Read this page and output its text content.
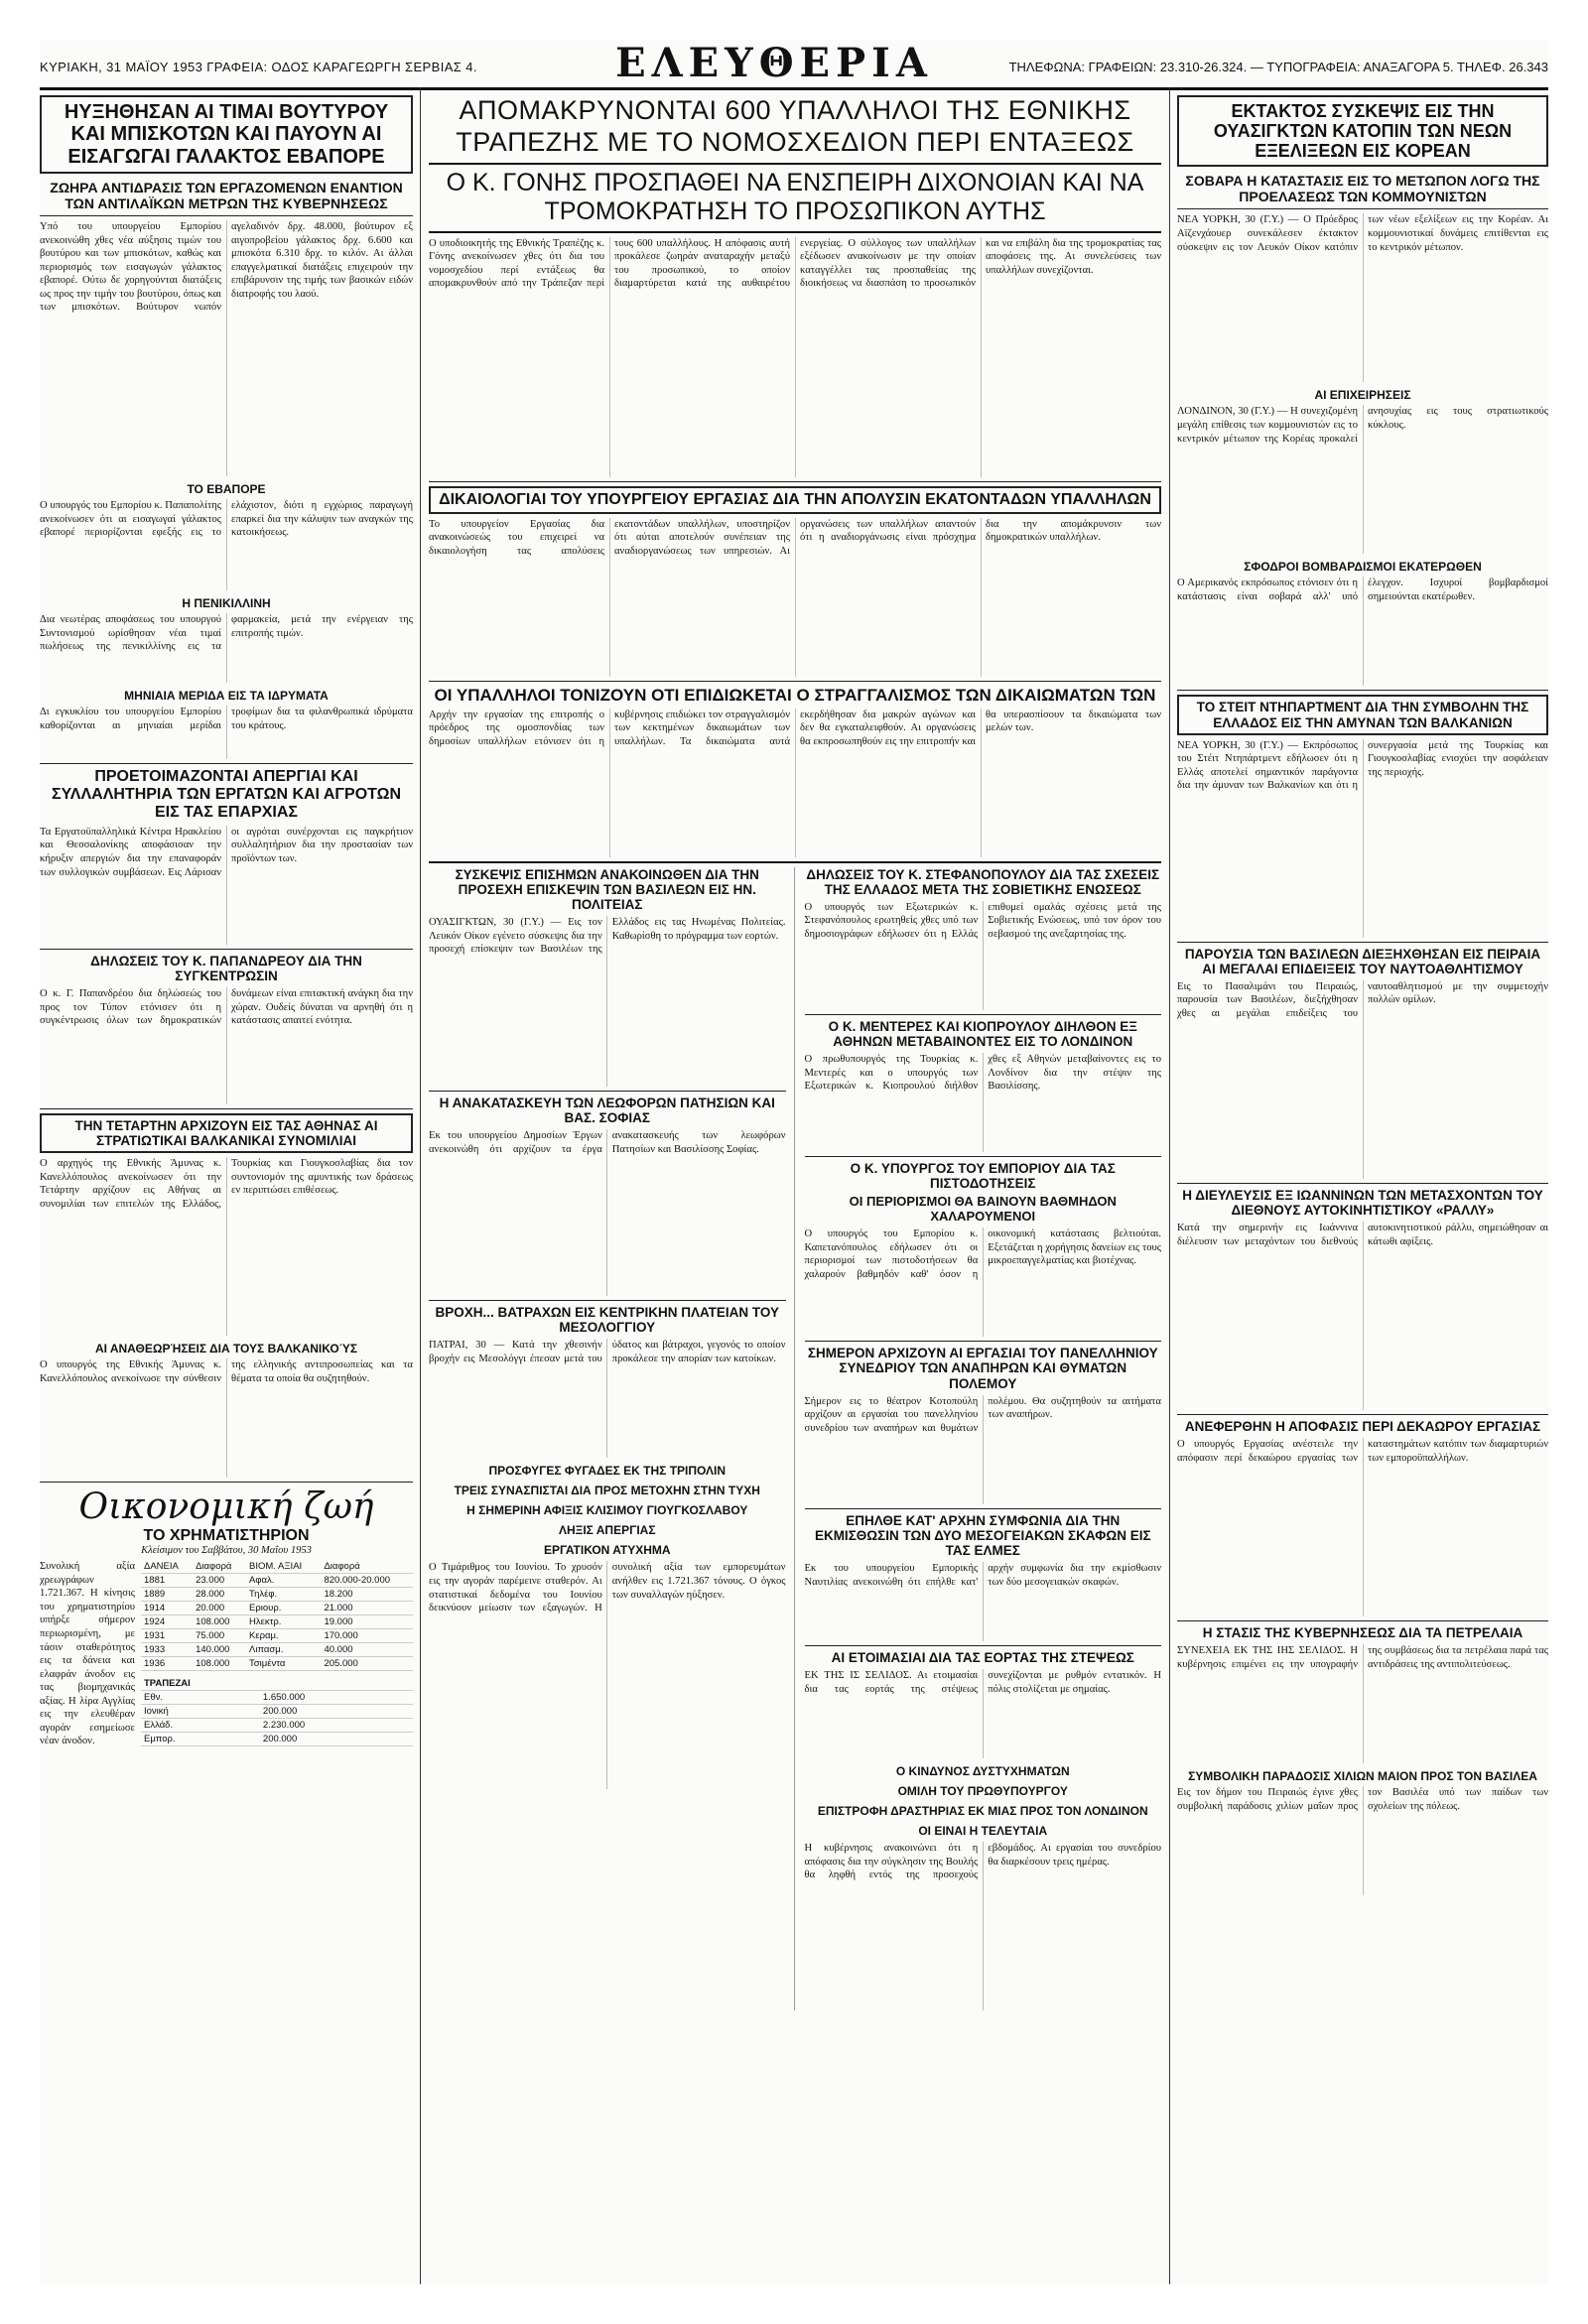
ΚΥΡΙΑΚΗ, 31 ΜΑΪΟΥ 1953 ΓΡΑΦΕΙΑ: ΟΔΟΣ ΚΑΡΑΓΕΩΡΓΗ ΣΕΡΒΙΑΣ 4.	ΕΛΕΥΘΕΡΙΑ	ΤΗΛΕΦΩΝΑ: ΓΡΑΦΕΙΩΝ: 23.310-26.324. — ΤΥΠΟΓΡΑΦΕΙΑ: ΑΝΑΞΑΓΟΡΑ 5. ΤΗΛΕΦ. 26.343
ΗΥΞΗΘΗΣΑΝ ΑΙ ΤΙΜΑΙ ΒΟΥΤΥΡΟΥ ΚΑΙ ΜΠΙΣΚΟΤΩΝ ΚΑΙ ΠΑΥΟΥΝ ΑΙ ΕΙΣΑΓΩΓΑΙ ΓΑΛΑΚΤΟΣ ΕΒΑΠΟΡΕ
ΖΩΗΡΑ ΑΝΤΙΔΡΑΣΙΣ ΤΩΝ ΕΡΓΑΖΟΜΕΝΩΝ ΕΝΑΝΤΙΟΝ ΤΩΝ ΑΝΤΙΛΑΪΚΩΝ ΜΕΤΡΩΝ ΤΗΣ ΚΥΒΕΡΝΗΣΕΩΣ
Υπό του υπουργείου Εμπορίου ανεκοινώθη χθες νέα αύξησις τιμών του βουτύρου και των μπισκότων, καθώς και περιορισμός των εισαγωγών γάλακτος εβαπορέ. Ούτω δε χορηγούνται διατάξεις ως προς την τιμήν του βουτύρου, όπως και των μπισκότων. Βούτυρον νωπόν αγελαδινόν δρχ. 48.000, βούτυρον εξ αιγοπροβείου γάλακτος δρχ. 6.600 και μπισκότα 6.310 δρχ. το κιλόν. Αι άλλαι επαγγελματικαί διατάξεις επιχειρούν την επιβάρυνσιν της τιμής των βασικών ειδών διατροφής του λαού.
ΤΟ ΕΒΑΠΟΡΕ
Ο υπουργός του Εμπορίου κ. Παπαπολίτης ανεκοίνωσεν ότι αι εισαγωγαί γάλακτος εβαπορέ περιορίζονται εφεξής εις το ελάχιστον, διότι η εγχώριος παραγωγή επαρκεί δια την κάλυψιν των αναγκών της κατοικήσεως.
Η ΠΕΝΙΚΙΛΛΙΝΗ
Δια νεωτέρας αποφάσεως του υπουργού Συντονισμού ωρίσθησαν νέαι τιμαί πωλήσεως της πενικιλλίνης εις τα φαρμακεία, μετά την ενέργειαν της επιτροπής τιμών.
ΜΗΝΙΑΙΑ ΜΕΡΙΔΑ ΕΙΣ ΤΑ ΙΔΡΥΜΑΤΑ
Δι εγκυκλίου του υπουργείου Εμπορίου καθορίζονται αι μηνιαίαι μερίδαι τροφίμων δια τα φιλανθρωπικά ιδρύματα του κράτους.
ΠΡΟΕΤΟΙΜΑΖΟΝΤΑΙ ΑΠΕΡΓΙΑΙ ΚΑΙ ΣΥΛΛΑΛΗΤΗΡΙΑ ΤΩΝ ΕΡΓΑΤΩΝ ΚΑΙ ΑΓΡΟΤΩΝ ΕΙΣ ΤΑΣ ΕΠΑΡΧΙΑΣ
Τα Εργατοϋπαλληλικά Κέντρα Ηρακλείου και Θεσσαλονίκης αποφάσισαν την κήρυξιν απεργιών δια την επαναφοράν των συλλογικών συμβάσεων. Εις Λάρισαν οι αγρόται συνέρχονται εις παγκρήτιον συλλαλητήριον δια την προστασίαν των προϊόντων των.
ΔΗΛΩΣΕΙΣ ΤΟΥ Κ. ΠΑΠΑΝΔΡΕΟΥ ΔΙΑ ΤΗΝ ΣΥΓΚΕΝΤΡΩΣΙΝ
Ο κ. Γ. Παπανδρέου δια δηλώσεώς του προς τον Τύπον ετόνισεν ότι η συγκέντρωσις όλων των δημοκρατικών δυνάμεων είναι επιτακτική ανάγκη δια την χώραν. Ουδείς δύναται να αρνηθή ότι η κατάστασις απαιτεί ενότητα.
ΤΗΝ ΤΕΤΑΡΤΗΝ ΑΡΧΙΖΟΥΝ ΕΙΣ ΤΑΣ ΑΘΗΝΑΣ ΑΙ ΣΤΡΑΤΙΩΤΙΚΑΙ ΒΑΛΚΑΝΙΚΑΙ ΣΥΝΟΜΙΛΙΑΙ
Ο αρχηγός της Εθνικής Άμυνας κ. Κανελλόπουλος ανεκοίνωσεν ότι την Τετάρτην αρχίζουν εις Αθήνας αι συνομιλίαι των επιτελών της Ελλάδος, Τουρκίας και Γιουγκοσλαβίας δια τον συντονισμόν της αμυντικής των δράσεως εν περιπτώσει επιθέσεως.
ΑΙ ΑΝΑΘΕΩΡΉΣΕΙΣ ΔΙΑ ΤΟΥΣ ΒΑΛΚΑΝΙΚΟΎΣ
Ο υπουργός της Εθνικής Άμυνας κ. Κανελλόπουλος ανεκοίνωσε την σύνθεσιν της ελληνικής αντιπροσωπείας και τα θέματα τα οποία θα συζητηθούν.
Οικονομική ζωή
ΤΟ ΧΡΗΜΑΤΙΣΤΗΡΙΟΝ
Κλείσιμον του Σαββάτου, 30 Μαΐου 1953
Συνολική αξία χρεωγράφων 1.721.367. Η κίνησις του χρηματιστηρίου υπήρξε σήμερον περιωρισμένη, με τάσιν σταθερότητος εις τα δάνεια και ελαφράν άνοδον εις τας βιομηχανικάς αξίας. Η λίρα Αγγλίας εις την ελευθέραν αγοράν εσημείωσε νέαν άνοδον.
ΔΑΝΕΙΑ	Διαφορά	ΒΙΟΜ. ΑΞΙΑΙ	Διαφορά
1881	23.000	Αφαλ.	820.000-20.000
1889	28.000	Τηλέφ.	18.200
1914	20.000	Εριουρ.	21.000
1924	108.000	Ηλεκτρ.	19.000
1931	75.000	Κεραμ.	170.000
1933	140.000	Λιπασμ.	40.000
1936	108.000	Τσιμέντα	205.000
ΤΡΑΠΕΖΑΙ	
Εθν.	1.650.000
Ιονική	200.000
Ελλάδ.	2.230.000
Εμπορ.	200.000
ΑΠΟΜΑΚΡΥΝΟΝΤΑΙ 600 ΥΠΑΛΛΗΛΟΙ ΤΗΣ ΕΘΝΙΚΗΣ ΤΡΑΠΕΖΗΣ ΜΕ ΤΟ ΝΟΜΟΣΧΕΔΙΟΝ ΠΕΡΙ ΕΝΤΑΞΕΩΣ
Ο Κ. ΓΟΝΗΣ ΠΡΟΣΠΑΘΕΙ ΝΑ ΕΝΣΠΕΙΡΗ ΔΙΧΟΝΟΙΑΝ ΚΑΙ ΝΑ ΤΡΟΜΟΚΡΑΤΗΣΗ ΤΟ ΠΡΟΣΩΠΙΚΟΝ ΑΥΤΗΣ
Ο υποδιοικητής της Εθνικής Τραπέζης κ. Γόνης ανεκοίνωσεν χθες ότι δια του νομοσχεδίου περί εντάξεως θα απομακρυνθούν από την Τράπεζαν περί τους 600 υπαλλήλους. Η απόφασις αυτή προκάλεσε ζωηράν αναταραχήν μεταξύ του προσωπικού, το οποίον διαμαρτύρεται κατά της αυθαιρέτου ενεργείας. Ο σύλλογος των υπαλλήλων εξέδωσεν ανακοίνωσιν με την οποίαν καταγγέλλει τας προσπαθείας της διοικήσεως να διασπάση το προσωπικόν και να επιβάλη δια της τρομοκρατίας τας αποφάσεις της. Αι συνελεύσεις των υπαλλήλων συνεχίζονται.
ΔΙΚΑΙΟΛΟΓΙΑΙ ΤΟΥ ΥΠΟΥΡΓΕΙΟΥ ΕΡΓΑΣΙΑΣ ΔΙΑ ΤΗΝ ΑΠΟΛΥΣΙΝ ΕΚΑΤΟΝΤΑΔΩΝ ΥΠΑΛΛΗΛΩΝ
Το υπουργείον Εργασίας δια ανακοινώσεώς του επιχειρεί να δικαιολογήση τας απολύσεις εκατοντάδων υπαλλήλων, υποστηρίζον ότι αύται αποτελούν συνέπειαν της αναδιοργανώσεως των υπηρεσιών. Αι οργανώσεις των υπαλλήλων απαντούν ότι η αναδιοργάνωσις είναι πρόσχημα δια την απομάκρυνσιν των δημοκρατικών υπαλλήλων.
ΟΙ ΥΠΑΛΛΗΛΟΙ ΤΟΝΙΖΟΥΝ ΟΤΙ ΕΠΙΔΙΩΚΕΤΑΙ Ο ΣΤΡΑΓΓΑΛΙΣΜΟΣ ΤΩΝ ΔΙΚΑΙΩΜΑΤΩΝ ΤΩΝ
Αρχήν την εργασίαν της επιτροπής ο πρόεδρος της ομοσπονδίας των δημοσίων υπαλλήλων ετόνισεν ότι η κυβέρνησις επιδιώκει τον στραγγαλισμόν των κεκτημένων δικαιωμάτων των υπαλλήλων. Τα δικαιώματα αυτά εκερδήθησαν δια μακρών αγώνων και δεν θα εγκαταλειφθούν. Αι οργανώσεις θα εκπροσωπηθούν εις την επιτροπήν και θα υπερασπίσουν τα δικαιώματα των μελών των.
ΣΥΣΚΕΨΙΣ ΕΠΙΣΗΜΩΝ ΑΝΑΚΟΙΝΩΘΕΝ ΔΙΑ ΤΗΝ ΠΡΟΣΕΧΗ ΕΠΙΣΚΕΨΙΝ ΤΩΝ ΒΑΣΙΛΕΩΝ ΕΙΣ ΗΝ. ΠΟΛΙΤΕΙΑΣ
ΟΥΑΣΙΓΚΤΩΝ, 30 (Γ.Υ.) — Εις τον Λευκόν Οίκον εγένετο σύσκεψις δια την προσεχή επίσκεψιν των Βασιλέων της Ελλάδος εις τας Ηνωμένας Πολιτείας. Καθωρίσθη το πρόγραμμα των εορτών.
Η ΑΝΑΚΑΤΑΣΚΕΥΗ ΤΩΝ ΛΕΩΦΟΡΩΝ ΠΑΤΗΣΙΩΝ ΚΑΙ ΒΑΣ. ΣΟΦΙΑΣ
Εκ του υπουργείου Δημοσίων Έργων ανεκοινώθη ότι αρχίζουν τα έργα ανακατασκευής των λεωφόρων Πατησίων και Βασιλίσσης Σοφίας.
ΒΡΟΧΗ... ΒΑΤΡΑΧΩΝ ΕΙΣ ΚΕΝΤΡΙΚΗΝ ΠΛΑΤΕΙΑΝ ΤΟΥ ΜΕΣΟΛΟΓΓΙΟΥ
ΠΑΤΡΑΙ, 30 — Κατά την χθεσινήν βροχήν εις Μεσολόγγι έπεσαν μετά του ύδατος και βάτραχοι, γεγονός το οποίον προκάλεσε την απορίαν των κατοίκων.
ΠΡΟΣΦΥΓΕΣ ΦΥΓΑΔΕΣ ΕΚ ΤΗΣ ΤΡΙΠΟΛΙΝ
ΤΡΕΙΣ ΣΥΝΑΣΠΙΣΤΑΙ ΔΙΑ ΠΡΟΣ ΜΕΤΟΧΗΝ ΣΤΗΝ ΤΥΧΗ
Η ΣΗΜΕΡΙΝΗ ΑΦΙΞΙΣ ΚΛΙΣΙΜΟΥ ΓΙΟΥΓΚΟΣΛΑΒΟΥ
ΛΗΞΙΣ ΑΠΕΡΓΙΑΣ
ΕΡΓΑΤΙΚΟΝ ΑΤΥΧΗΜΑ
Ο Τιμάριθμος του Ιουνίου. Το χρυσόν εις την αγοράν παρέμεινε σταθερόν. Αι στατιστικαί δεδομένα του Ιουνίου δεικνύουν μείωσιν των εξαγωγών. Η συνολική αξία των εμπορευμάτων ανήλθεν εις 1.721.367 τόνους. Ο όγκος των συναλλαγών ηύξησεν.
ΔΗΛΩΣΕΙΣ ΤΟΥ Κ. ΣΤΕΦΑΝΟΠΟΥΛΟΥ ΔΙΑ ΤΑΣ ΣΧΕΣΕΙΣ ΤΗΣ ΕΛΛΑΔΟΣ ΜΕΤΑ ΤΗΣ ΣΟΒΙΕΤΙΚΗΣ ΕΝΩΣΕΩΣ
Ο υπουργός των Εξωτερικών κ. Στεφανόπουλος ερωτηθείς χθες υπό των δημοσιογράφων εδήλωσεν ότι η Ελλάς επιθυμεί ομαλάς σχέσεις μετά της Σοβιετικής Ενώσεως, υπό τον όρον του σεβασμού της ανεξαρτησίας της.
Ο Κ. ΜΕΝΤΕΡΕΣ ΚΑΙ ΚΙΟΠΡΟΥΛΟΥ ΔΙΗΛΘΟΝ ΕΞ ΑΘΗΝΩΝ ΜΕΤΑΒΑΙΝΟΝΤΕΣ ΕΙΣ ΤΟ ΛΟΝΔΙΝΟΝ
Ο πρωθυπουργός της Τουρκίας κ. Μεντερές και ο υπουργός των Εξωτερικών κ. Κιοπρουλού διήλθον χθες εξ Αθηνών μεταβαίνοντες εις το Λονδίνον δια την στέψιν της Βασιλίσσης.
Ο Κ. ΥΠΟΥΡΓΟΣ ΤΟΥ ΕΜΠΟΡΙΟΥ ΔΙΑ ΤΑΣ ΠΙΣΤΟΔΟΤΗΣΕΙΣ
ΟΙ ΠΕΡΙΟΡΙΣΜΟΙ ΘΑ ΒΑΙΝΟΥΝ ΒΑΘΜΗΔΟΝ ΧΑΛΑΡΟΥΜΕΝΟΙ
Ο υπουργός του Εμπορίου κ. Καπετανόπουλος εδήλωσεν ότι οι περιορισμοί των πιστοδοτήσεων θα χαλαρούν βαθμηδόν καθ' όσον η οικονομική κατάστασις βελτιούται. Εξετάζεται η χορήγησις δανείων εις τους μικροεπαγγελματίας και βιοτέχνας.
ΣΗΜΕΡΟΝ ΑΡΧΙΖΟΥΝ ΑΙ ΕΡΓΑΣΙΑΙ ΤΟΥ ΠΑΝΕΛΛΗΝΙΟΥ ΣΥΝΕΔΡΙΟΥ ΤΩΝ ΑΝΑΠΗΡΩΝ ΚΑΙ ΘΥΜΑΤΩΝ ΠΟΛΕΜΟΥ
Σήμερον εις το θέατρον Κοτοπούλη αρχίζουν αι εργασίαι του πανελληνίου συνεδρίου των αναπήρων και θυμάτων πολέμου. Θα συζητηθούν τα αιτήματα των αναπήρων.
ΕΠΗΛΘΕ ΚΑΤ' ΑΡΧΗΝ ΣΥΜΦΩΝΙΑ ΔΙΑ ΤΗΝ ΕΚΜΙΣΘΩΣΙΝ ΤΩΝ ΔΥΟ ΜΕΣΟΓΕΙΑΚΩΝ ΣΚΑΦΩΝ ΕΙΣ ΤΑΣ ΕΛΜΕΣ
Εκ του υπουργείου Εμπορικής Ναυτιλίας ανεκοινώθη ότι επήλθε κατ' αρχήν συμφωνία δια την εκμίσθωσιν των δύο μεσογειακών σκαφών.
ΑΙ ΕΤΟΙΜΑΣΙΑΙ ΔΙΑ ΤΑΣ ΕΟΡΤΑΣ ΤΗΣ ΣΤΕΨΕΩΣ
ΕΚ ΤΗΣ ΙΣ ΣΕΛΙΔΟΣ. Αι ετοιμασίαι δια τας εορτάς της στέψεως συνεχίζονται με ρυθμόν εντατικόν. Η πόλις στολίζεται με σημαίας.
Ο ΚΙΝΔΥΝΟΣ ΔΥΣΤΥΧΗΜΑΤΩΝ
ΟΜΙΛΗ ΤΟΥ ΠΡΩΘΥΠΟΥΡΓΟΥ
ΕΠΙΣΤΡΟΦΗ ΔΡΑΣΤΗΡΙΑΣ ΕΚ ΜΙΑΣ ΠΡΟΣ ΤΟΝ ΛΟΝΔΙΝΟΝ
ΟΙ ΕΙΝΑΙ Η ΤΕΛΕΥΤΑΙΑ
Η κυβέρνησις ανακοινώνει ότι η απόφασις δια την σύγκλησιν της Βουλής θα ληφθή εντός της προσεχούς εβδομάδος. Αι εργασίαι του συνεδρίου θα διαρκέσουν τρεις ημέρας.
ΕΚΤΑΚΤΟΣ ΣΥΣΚΕΨΙΣ ΕΙΣ ΤΗΝ ΟΥΑΣΙΓΚΤΩΝ ΚΑΤΟΠΙΝ ΤΩΝ ΝΕΩΝ ΕΞΕΛΙΞΕΩΝ ΕΙΣ ΚΟΡΕΑΝ
ΣΟΒΑΡΑ Η ΚΑΤΑΣΤΑΣΙΣ ΕΙΣ ΤΟ ΜΕΤΩΠΟΝ ΛΟΓΩ ΤΗΣ ΠΡΟΕΛΑΣΕΩΣ ΤΩΝ ΚΟΜΜΟΥΝΙΣΤΩΝ
ΝΕΑ ΥΟΡΚΗ, 30 (Γ.Υ.) — Ο Πρόεδρος Αϊζενχάουερ συνεκάλεσεν έκτακτον σύσκεψιν εις τον Λευκόν Οίκον κατόπιν των νέων εξελίξεων εις την Κορέαν. Αι κομμουνιστικαί δυνάμεις επιτίθενται εις το κεντρικόν μέτωπον.
ΑΙ ΕΠΙΧΕΙΡΗΣΕΙΣ
ΛΟΝΔΙΝΟΝ, 30 (Γ.Υ.) — Η συνεχιζομένη μεγάλη επίθεσις των κομμουνιστών εις το κεντρικόν μέτωπον της Κορέας προκαλεί ανησυχίας εις τους στρατιωτικούς κύκλους.
ΣΦΟΔΡΟΙ ΒΟΜΒΑΡΔΙΣΜΟΙ ΕΚΑΤΕΡΩΘΕΝ
Ο Αμερικανός εκπρόσωπος ετόνισεν ότι η κατάστασις είναι σοβαρά αλλ' υπό έλεγχον. Ισχυροί βομβαρδισμοί σημειούνται εκατέρωθεν.
ΤΟ ΣΤΕΙΤ ΝΤΗΠΑΡΤΜΕΝΤ ΔΙΑ ΤΗΝ ΣΥΜΒΟΛΗΝ ΤΗΣ ΕΛΛΑΔΟΣ ΕΙΣ ΤΗΝ ΑΜΥΝΑΝ ΤΩΝ ΒΑΛΚΑΝΙΩΝ
ΝΕΑ ΥΟΡΚΗ, 30 (Γ.Υ.) — Εκπρόσωπος του Στέιτ Ντηπάρτμεντ εδήλωσεν ότι η Ελλάς αποτελεί σημαντικόν παράγοντα δια την άμυναν των Βαλκανίων και ότι η συνεργασία μετά της Τουρκίας και Γιουγκοσλαβίας ενισχύει την ασφάλειαν της περιοχής.
ΠΑΡΟΥΣΙΑ ΤΩΝ ΒΑΣΙΛΕΩΝ ΔΙΕΞΗΧΘΗΣΑΝ ΕΙΣ ΠΕΙΡΑΙΑ ΑΙ ΜΕΓΑΛΑΙ ΕΠΙΔΕΙΞΕΙΣ ΤΟΥ ΝΑΥΤΟΑΘΛΗΤΙΣΜΟΥ
Εις το Πασαλιμάνι του Πειραιώς, παρουσία των Βασιλέων, διεξήχθησαν χθες αι μεγάλαι επιδείξεις του ναυτοαθλητισμού με την συμμετοχήν πολλών ομίλων.
Η ΔΙΕΥΛΕΥΣΙΣ ΕΞ ΙΩΑΝΝΙΝΩΝ ΤΩΝ ΜΕΤΑΣΧΟΝΤΩΝ ΤΟΥ ΔΙΕΘΝΟΥΣ ΑΥΤΟΚΙΝΗΤΙΣΤΙΚΟΥ «ΡΑΛΛΥ»
Κατά την σημερινήν εις Ιωάννινα διέλευσιν των μεταχόντων του διεθνούς αυτοκινητιστικού ράλλυ, σημειώθησαν αι κάτωθι αφίξεις.
ΑΝΕΦΕΡΘΗΝ Η ΑΠΟΦΑΣΙΣ ΠΕΡΙ ΔΕΚΑΩΡΟΥ ΕΡΓΑΣΙΑΣ
Ο υπουργός Εργασίας ανέστειλε την απόφασιν περί δεκαώρου εργασίας των καταστημάτων κατόπιν των διαμαρτυριών των εμποροϋπαλλήλων.
Η ΣΤΑΣΙΣ ΤΗΣ ΚΥΒΕΡΝΗΣΕΩΣ ΔΙΑ ΤΑ ΠΕΤΡΕΛΑΙΑ
ΣΥΝΕΧΕΙΑ ΕΚ ΤΗΣ ΙΗΣ ΣΕΛΙΔΟΣ. Η κυβέρνησις επιμένει εις την υπογραφήν της συμβάσεως δια τα πετρέλαια παρά τας αντιδράσεις της αντιπολιτεύσεως.
ΣΥΜΒΟΛΙΚΗ ΠΑΡΑΔΟΣΙΣ ΧΙΛΙΩΝ ΜΑΙΟΝ ΠΡΟΣ ΤΟΝ ΒΑΣΙΛΕΑ
Εις τον δήμον του Πειραιώς έγινε χθες συμβολική παράδοσις χιλίων μαΐων προς τον Βασιλέα υπό των παίδων των σχολείων της πόλεως.
